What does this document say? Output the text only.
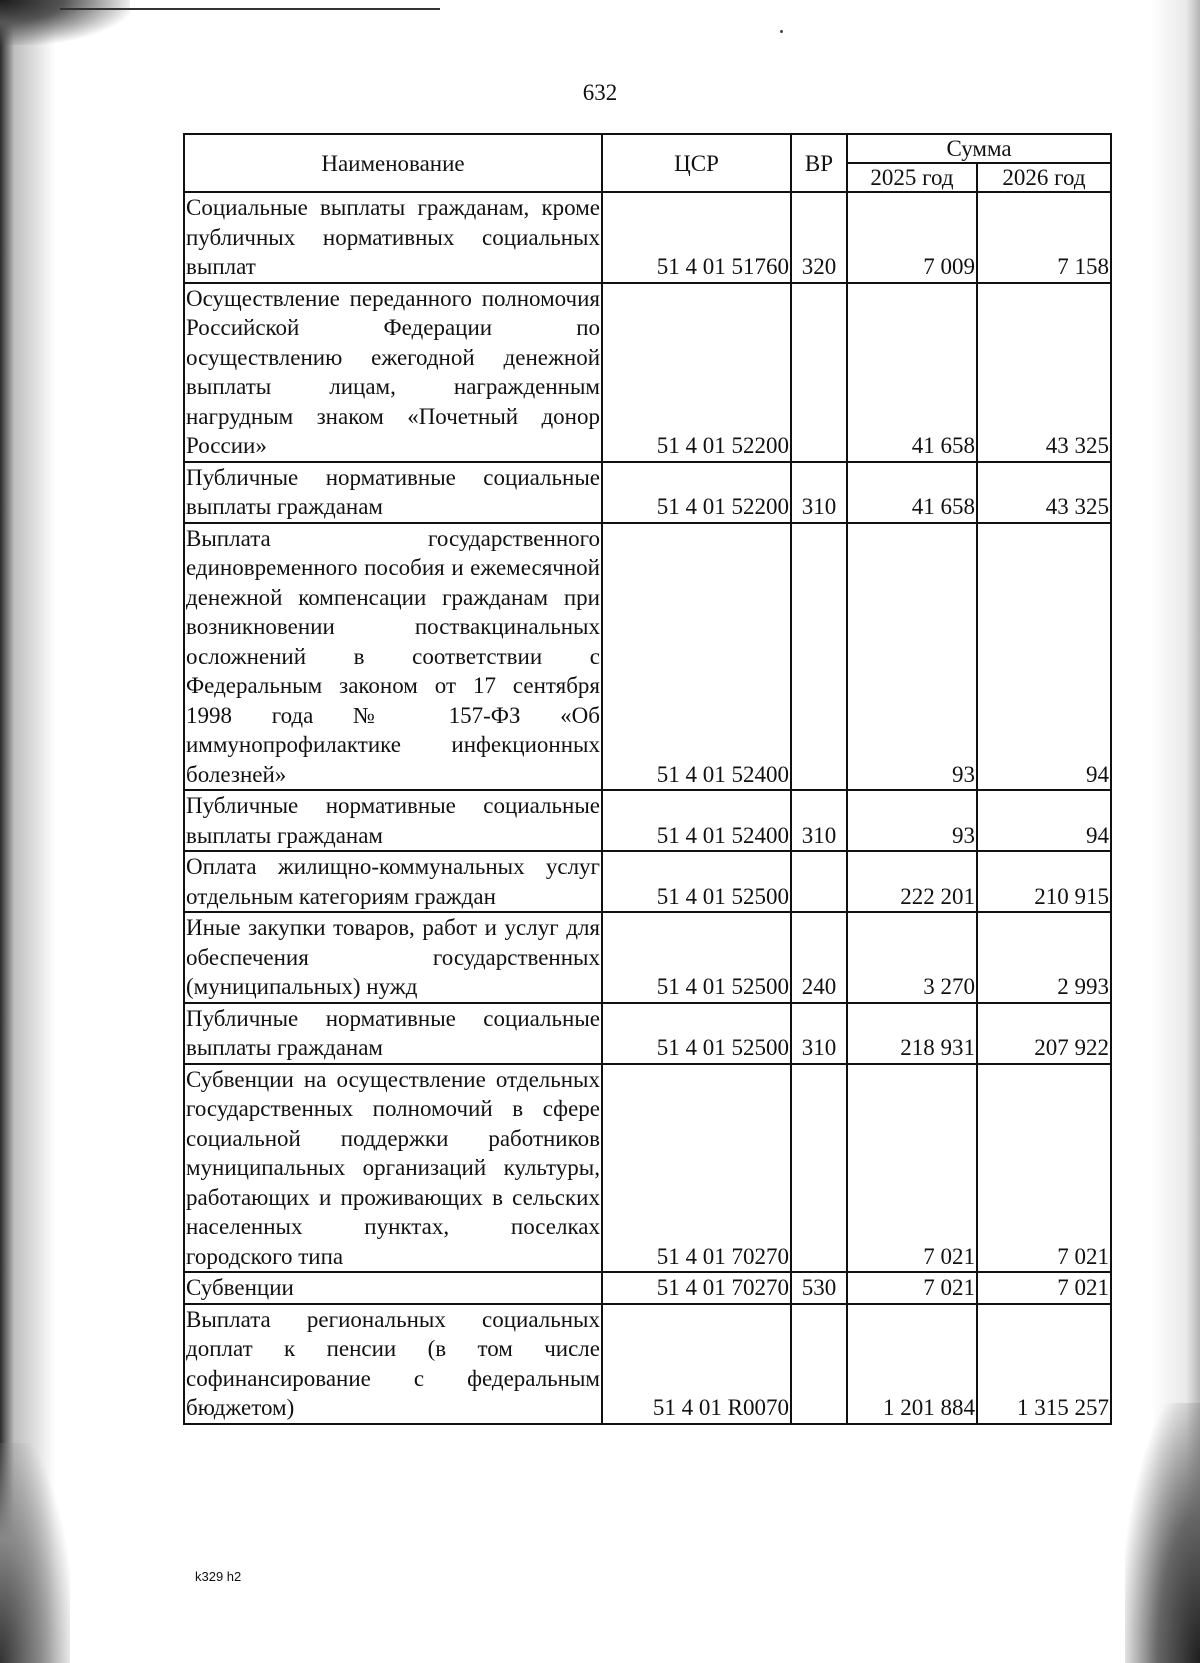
632
Наименование	ЦСР	ВР	Сумма	
			2025 год	2026 год
Социальные выплаты гражданам, кроме публичных нормативных социальных выплат	51 4 01 51760	320	7 009	7 158
Осуществление переданного полномочия Российской Федерации по осуществлению ежегодной денежной выплаты лицам, награжденным нагрудным знаком «Почетный донор России»	51 4 01 52200		41 658	43 325
Публичные нормативные социальные выплаты гражданам	51 4 01 52200	310	41 658	43 325
Выплата государственного единовременного пособия и ежемесячной денежной компенсации гражданам при возникновении поствакцинальных осложнений в соответствии с Федеральным законом от 17 сентября 1998 года № 157-ФЗ «Об иммунопрофилактике инфекционных болезней»	51 4 01 52400		93	94
Публичные нормативные социальные выплаты гражданам	51 4 01 52400	310	93	94
Оплата жилищно-коммунальных услуг отдельным категориям граждан	51 4 01 52500		222 201	210 915
Иные закупки товаров, работ и услуг для обеспечения государственных (муниципальных) нужд	51 4 01 52500	240	3 270	2 993
Публичные нормативные социальные выплаты гражданам	51 4 01 52500	310	218 931	207 922
Субвенции на осуществление отдельных государственных полномочий в сфере социальной поддержки работников муниципальных организаций культуры, работающих и проживающих в сельских населенных пунктах, поселках городского типа	51 4 01 70270		7 021	7 021
Субвенции	51 4 01 70270	530	7 021	7 021
Выплата региональных социальных доплат к пенсии (в том числе софинансирование с федеральным бюджетом)	51 4 01 R0070		1 201 884	1 315 257
k329 h2
